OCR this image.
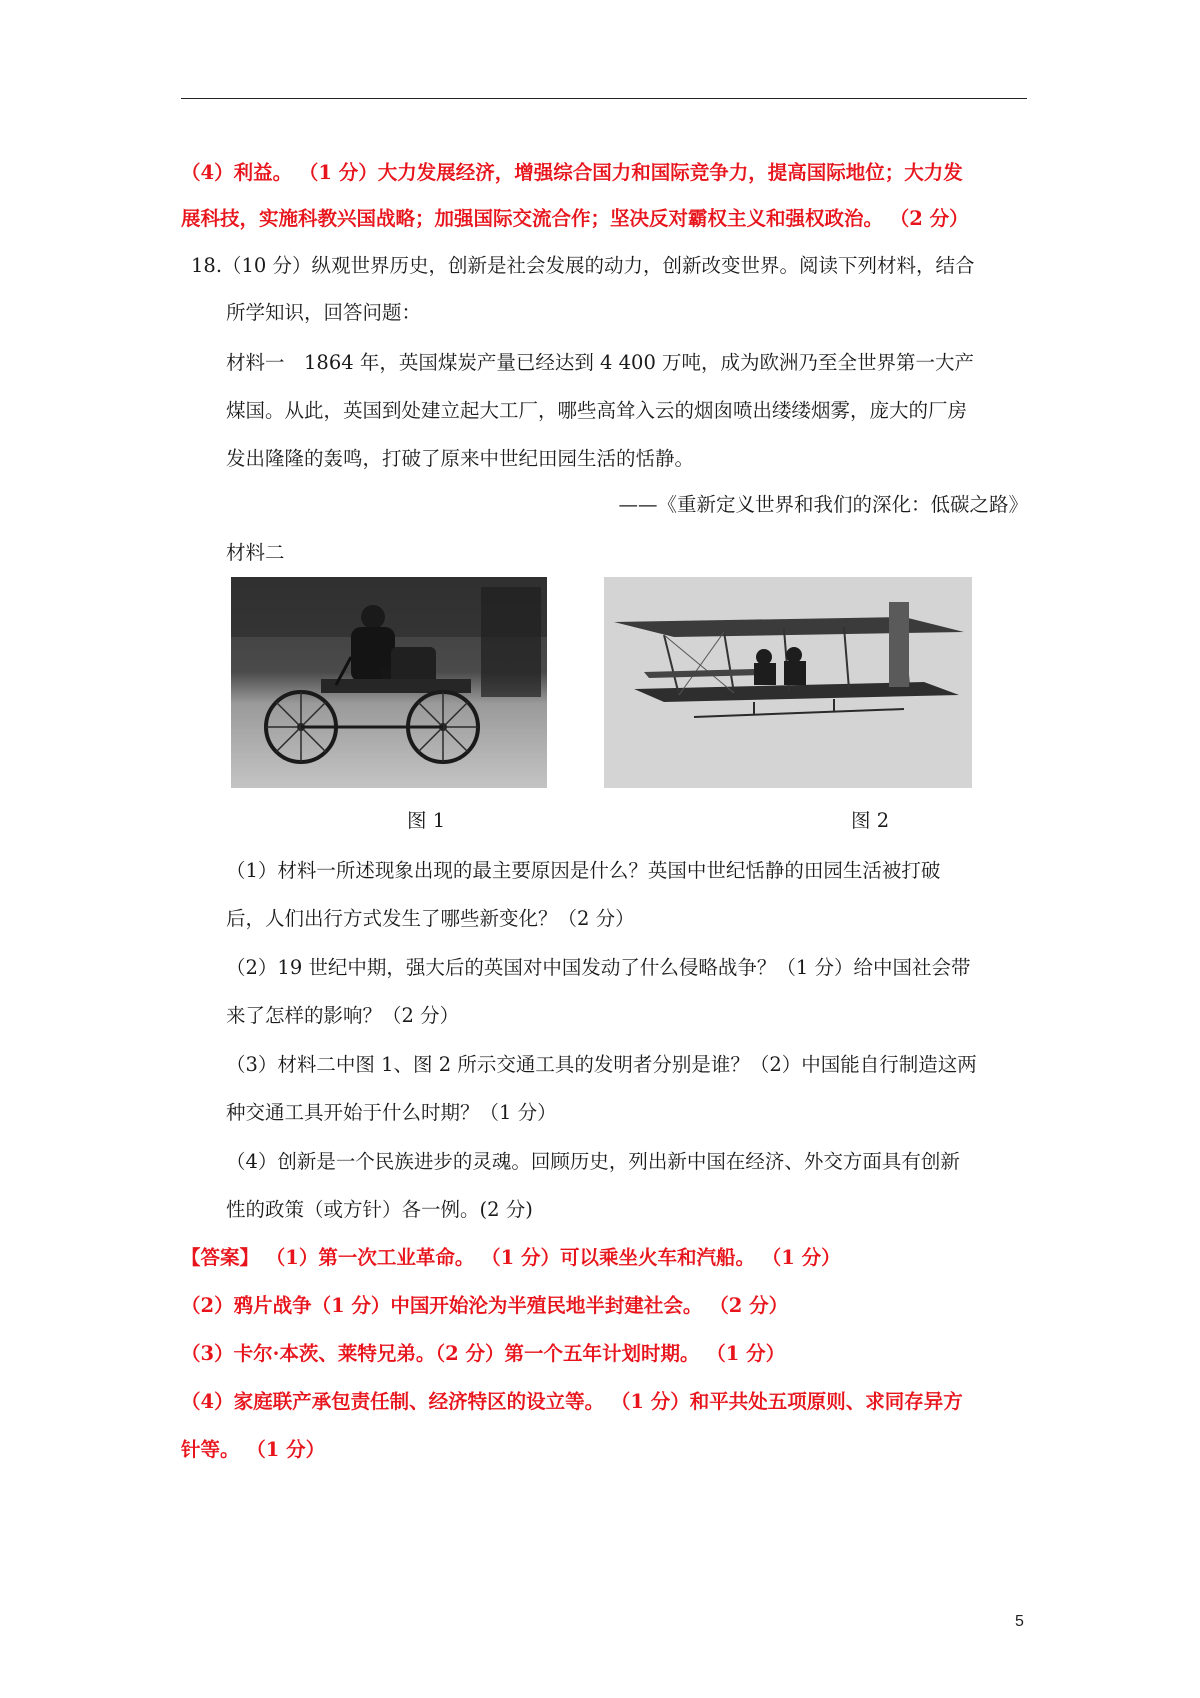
（4）利益。 （1 分）大力发展经济，增强综合国力和国际竞争力，提高国际地位；大力发
展科技，实施科教兴国战略；加强国际交流合作；坚决反对霸权主义和强权政治。 （2 分）
18.（10 分）纵观世界历史，创新是社会发展的动力，创新改变世界。阅读下列材料，结合
所学知识，回答问题：
材料一　1864 年，英国煤炭产量已经达到 4 400 万吨，成为欧洲乃至全世界第一大产
煤国。从此，英国到处建立起大工厂，哪些高耸入云的烟囱喷出缕缕烟雾，庞大的厂房
发出隆隆的轰鸣，打破了原来中世纪田园生活的恬静。
——《重新定义世界和我们的深化：低碳之路》
材料二
图 1	图 2
（1）材料一所述现象出现的最主要原因是什么？英国中世纪恬静的田园生活被打破
后，人们出行方式发生了哪些新变化？（2 分）
（2）19 世纪中期，强大后的英国对中国发动了什么侵略战争？（1 分）给中国社会带
来了怎样的影响？（2 分）
（3）材料二中图 1、图 2 所示交通工具的发明者分别是谁？（2）中国能自行制造这两
种交通工具开始于什么时期？（1 分）
（4）创新是一个民族进步的灵魂。回顾历史，列出新中国在经济、外交方面具有创新
性的政策（或方针）各一例。(2 分)
【答案】 （1）第一次工业革命。 （1 分）可以乘坐火车和汽船。 （1 分）
（2）鸦片战争（1 分）中国开始沦为半殖民地半封建社会。 （2 分）
（3）卡尔·本茨、莱特兄弟。（2 分）第一个五年计划时期。 （1 分）
（4）家庭联产承包责任制、经济特区的设立等。 （1 分）和平共处五项原则、求同存异方
针等。 （1 分）
5
